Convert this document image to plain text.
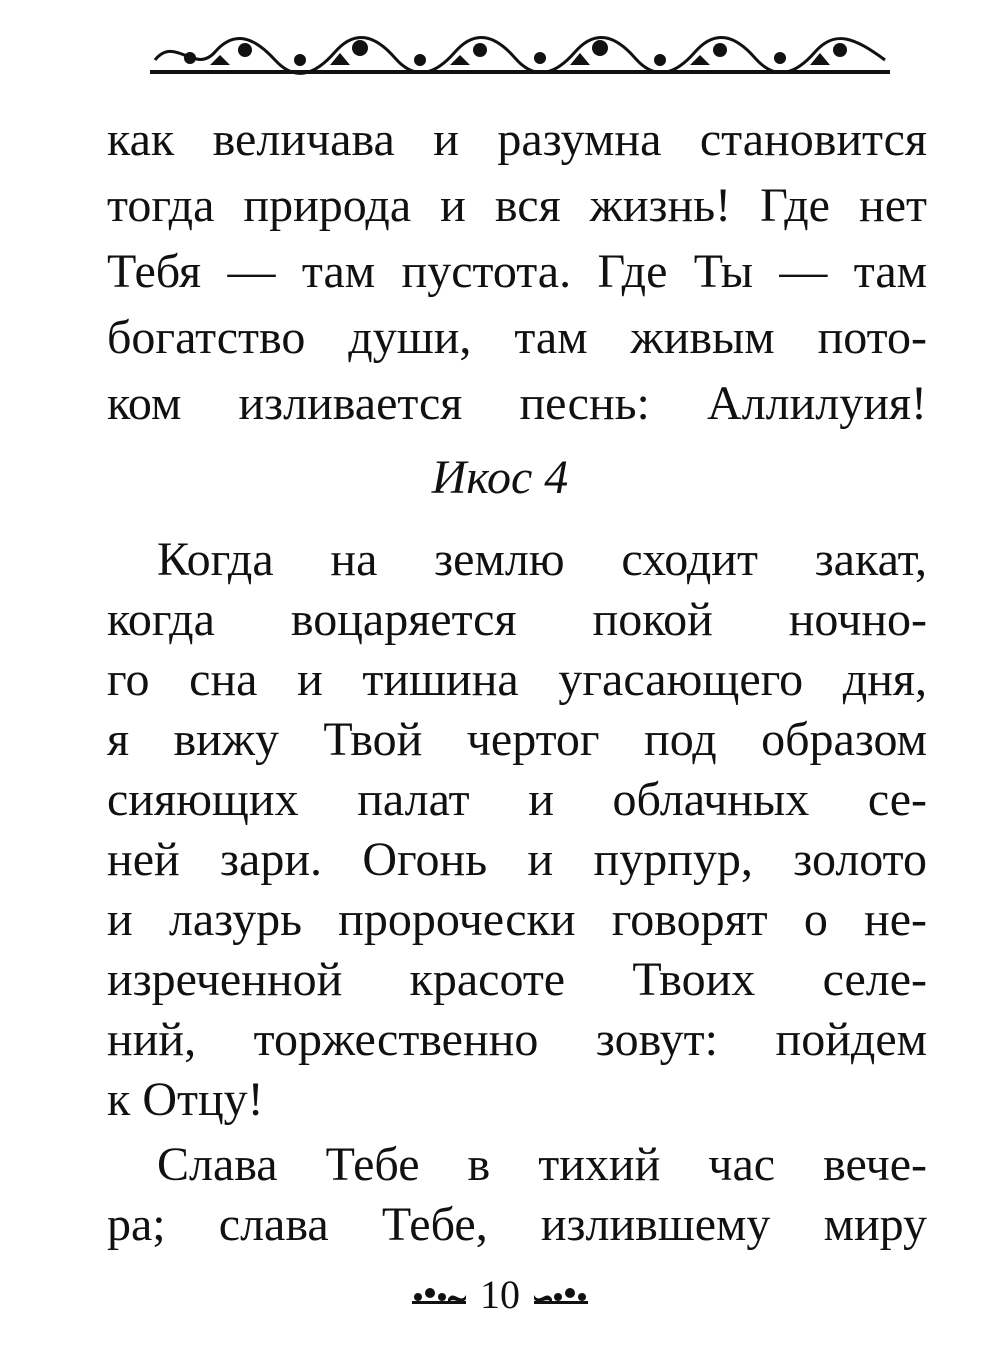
как величава и разумна становится
тогда природа и вся жизнь! Где нет
Тебя — там пустота. Где Ты — там
богатство души, там живым пото-
ком изливается песнь: Аллилуия!
Икос 4
Когда на землю сходит закат,
когда воцаряется покой ночно-
го сна и тишина угасающего дня,
я вижу Твой чертог под образом
сияющих палат и облачных се-
ней зари. Огонь и пурпур, золото
и лазурь пророчески говорят о не-
изреченной красоте Твоих селе-
ний, торжественно зовут: пойдем
к Отцу!
Слава Тебе в тихий час вече-
ра; слава Тебе, излившему миру
10
